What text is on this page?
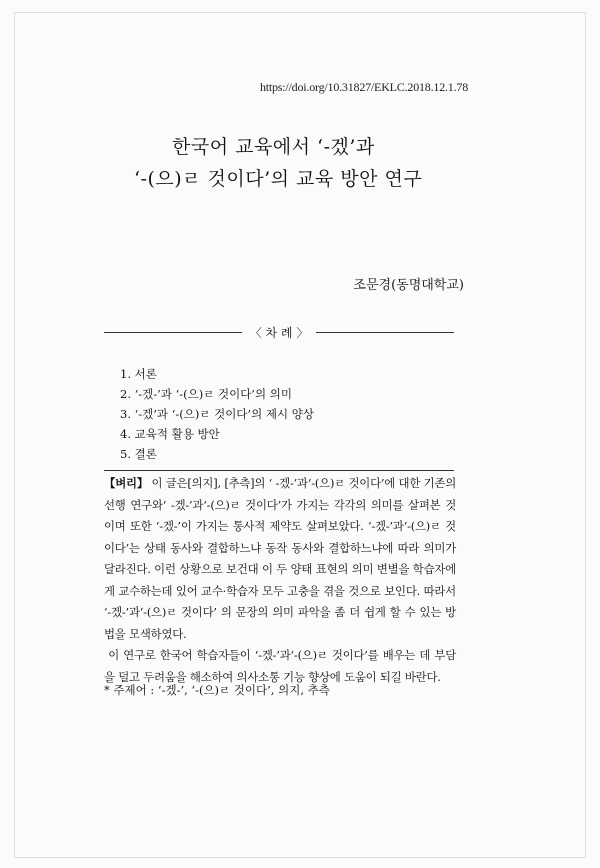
https://doi.org/10.31827/EKLC.2018.12.1.78
한국어 교육에서 ‘-겠’과
‘-(으)ㄹ 것이다’의 교육 방안 연구
조문경(동명대학교)
〈 차 례 〉
1. 서론
2. ‘-겠-’과 ‘-(으)ㄹ 것이다’의 의미
3. ‘-겠’과 ‘-(으)ㄹ 것이다’의 제시 양상
4. 교육적 활용 방안
5. 결론

【벼리】 이 글은[의지], [추측]의 ‘ -겠-’과‘-(으)ㄹ 것이다’에 대한 기존의 선행 연구와‘ -겠-’과‘-(으)ㄹ 것이다’가 가지는 각각의 의미를 살펴본 것이며 또한 ‘-겠-’이 가지는 통사적 제약도 살펴보았다. ‘-겠-’과‘-(으)ㄹ 것이다’는 상태 동사와 결합하느냐 동작 동사와 결합하느냐에 따라 의미가 달라진다. 이런 상황으로 보건대 이 두 양태 표현의 의미 변별을 학습자에게 교수하는데 있어 교수·학습자 모두 고충을 겪을 것으로 보인다. 따라서 ‘-겠-’과‘-(으)ㄹ 것이다’ 의 문장의 의미 파악을 좀 더 쉽게 할 수 있는 방법을 모색하였다.

이 연구로 한국어 학습자들이 ‘-겠-’과‘-(으)ㄹ 것이다’를 배우는 데 부담을 덜고 두려움을 해소하여 의사소통 기능 향상에 도움이 되길 바란다.

* 주제어 : ‘-겠-’, ‘-(으)ㄹ 것이다’, 의지, 추측
